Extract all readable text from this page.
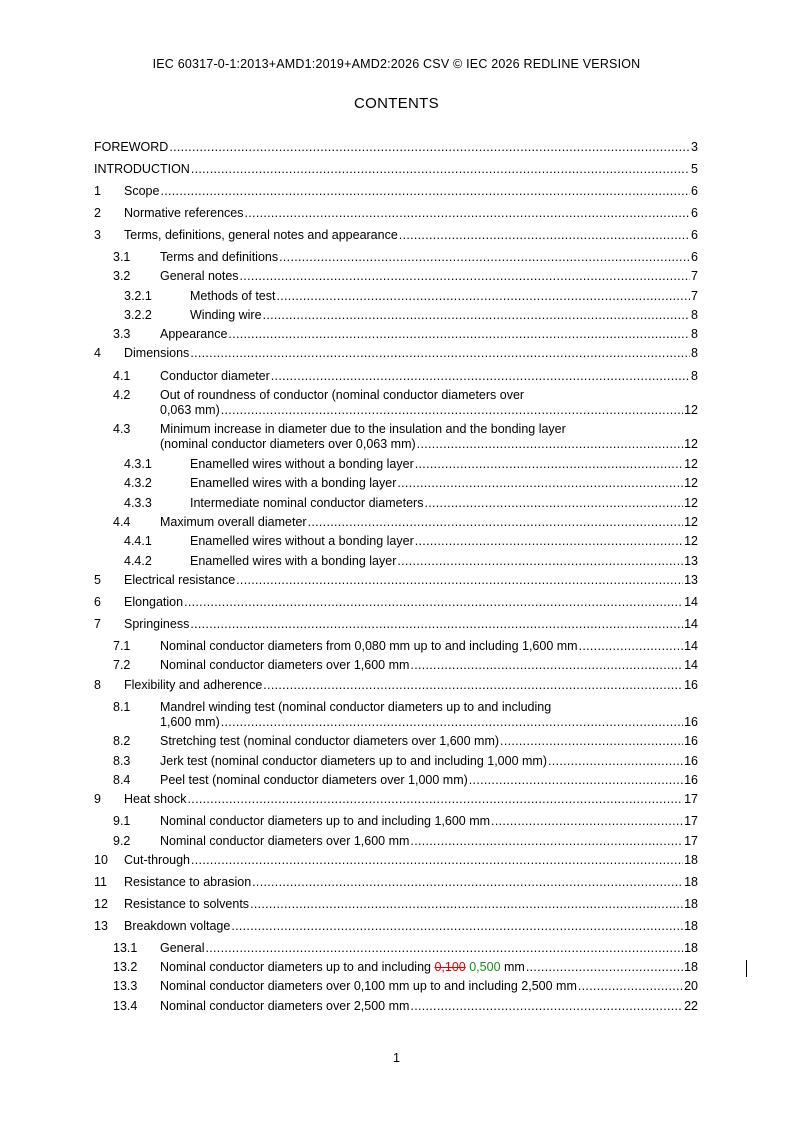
IEC 60317-0-1:2013+AMD1:2019+AMD2:2026 CSV © IEC 2026 REDLINE VERSION
CONTENTS
FOREWORD .....	3
INTRODUCTION .....	5
1	Scope .....	6
2	Normative references .....	6
3	Terms, definitions, general notes and appearance .....	6
3.1	Terms and definitions .....	6
3.2	General notes .....	7
3.2.1	Methods of test .....	7
3.2.2	Winding wire .....	8
3.3	Appearance .....	8
4	Dimensions .....	8
4.1	Conductor diameter .....	8
4.2	Out of roundness of conductor (nominal conductor diameters over
0,063 mm) .....	12
4.3	Minimum increase in diameter due to the insulation and the bonding layer
(nominal conductor diameters over 0,063 mm) .....	12
4.3.1	Enamelled wires without a bonding layer .....	12
4.3.2	Enamelled wires with a bonding layer .....	12
4.3.3	Intermediate nominal conductor diameters .....	12
4.4	Maximum overall diameter .....	12
4.4.1	Enamelled wires without a bonding layer .....	12
4.4.2	Enamelled wires with a bonding layer .....	13
5	Electrical resistance .....	13
6	Elongation .....	14
7	Springiness .....	14
7.1	Nominal conductor diameters from 0,080 mm up to and including 1,600 mm .....	14
7.2	Nominal conductor diameters over 1,600 mm .....	14
8	Flexibility and adherence .....	16
8.1	Mandrel winding test (nominal conductor diameters up to and including
1,600 mm) .....	16
8.2	Stretching test (nominal conductor diameters over 1,600 mm) .....	16
8.3	Jerk test (nominal conductor diameters up to and including 1,000 mm) .....	16
8.4	Peel test (nominal conductor diameters over 1,000 mm) .....	16
9	Heat shock .....	17
9.1	Nominal conductor diameters up to and including 1,600 mm .....	17
9.2	Nominal conductor diameters over 1,600 mm .....	17
10	Cut-through .....	18
11	Resistance to abrasion .....	18
12	Resistance to solvents .....	18
13	Breakdown voltage .....	18
13.1	General .....	18
13.2	Nominal conductor diameters up to and including 0,100
0,500 mm .....	18
13.3	Nominal conductor diameters over 0,100 mm up to and including 2,500 mm .....	20
13.4	Nominal conductor diameters over 2,500 mm .....	22
1
